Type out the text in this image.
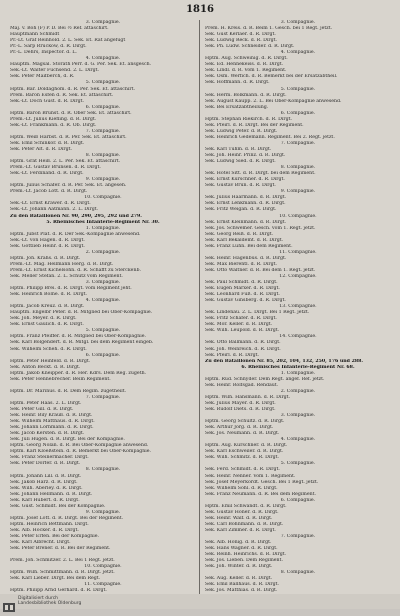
1816
3. Compagnie.
Maj. v. Böh (F) P. D. Bei ½ Ref. attaschirt.
Hauptmann Schmidt
Pr.-Lt. Graf Reinhold. 2. L. Sek. Et. Rat angefügt
Pr.-L. Sarp Rrückow, d. R. Dirgt.
Pr.-L. Dehrs, Inspector. d. L.
4. Compagnie.
Hauptm. Magsal. Storath Perr. d. G. Per. Sek. Et. ansgesch.
Sek.-Lt. Walter Fuchsend. 2. L. Dirgt.
Sek. Peter Maifberch, d. R.
5. Compagnie.
Hptm. Bar. Doldaghom. d. R. Per. Sek. Et. attaschirt.
Prem. Baron Esfen d. R. Sek. Et. attaschirt.
Sek.-Lt. Doch Gust. d. R. Dirgt.
6. Compagnie.
Hptm. Baron Brunst. d. R. Ober Sek. Et. attaschirt.
Prem.-Lt. Julius Kiefling. d. R. Dirgt.
Sek.-Lt. Frankmann. d. R. Ob. Dirgt.
7. Compagnie.
Hptm. Weiß Harbst. d. R. Per. Sek. Et. attaschirt.
Sek. Emil Schinkor. d. R. Dirgt.
Sek. Peter Alt. d. R. Dirgt.
8. Compagnie.
Hptm. Grat Heiß. 2. L. Per. Sek. Et. attaschirt.
Prem.-Lt. Gustav Brunsen. d. R. Dirgt.
Sek.-Lt. Ferdinand. d. R. Dirgt.
9. Compagnie.
Hptm. Julius Schafer. d. R. Per. Sek. Et. angeseh.
Prem.-Lt. Jacob Lott. d. R. Dirgt.
10. Compagnie.
Sek.-Lt. Ernst Krawer. d. R. Dirgt.
Sek.-Lt. Johann Aatmann. 2. L. Dirgt.
Zu den Bataillonen Nr. 90, 290, 295, 292 und 279.
5. Rheinisches Infanterie-Regiment Nr. 30.
1. Compagnie.
Hptm. Jubst Plat. d. R. Der Sek.-Kompagnie anwesend.
Sek.-Lt. von Hagen. d. R. Dirgt.
Sek. Gottlieb Heinr. d. R. Dirgt.
2. Compagnie.
Hptm. Joh. Krahs. d. R. Dirgt.
Prem.-Lt. Mag. Hellmann Herg. d. R. Dirgt.
Prem.-Lt. Ernst Kichelsohn. d. R. Schafft zu Sterckenb.
Sek. Meller Stefan. 2. L. Schutz vom Regiment.
3. Compagnie.
Hptm. Philipp Brei. d. R. Dirgt. vom Regiment jeht.
Sek. Heinrich Bolne. d. R. Dirgt.
4. Compagnie.
Hptm. Jacob Kreuz. d. R. Dirgt.
Hauptm. Engelbr Peter. d. R. Mitglied bei Ober-Kompagnie.
Sek. Joh. Meyer. d. R. Dirgt.
Sek. Ernst Gaulich. d. R. Dirgt.
5. Compagnie.
Hptm. Franz Pfeiffer. d. R. Mitglied bei Ober-Kompagnie.
Sek. Karl Bolgendert. d. R. Mitgl. bei dem Regiment eingeb.
Sek. Wilhelm Scheh. d. R. Dirgt.
6. Compagnie.
Hptm. Peter Heinfeld. d. R. Dirgt.
Sek. Anton Beckt. d. R. Dirgt.
Hptm. Jakob Kneipper. d. R. Her. Kdrs. Dem Reg. zugeth.
Sek. Peter Hennebrecher. Beim Regiment.
Hptm. Dr. Marinus. d. R. Dem Regim. zugetheilt.
7. Compagnie.
Hptm. Peter Haas. 2. L. Dirgt.
Sek. Peter Gill. d. R. Dirgt.
Sek. Heinr. Bily Krauß. d. R. Dirgt.
Sek. Wilhelm Matthäus. d. R. Dirgt.
Sek. Johann Lorhmann. d. R. Dirgt.
Sek. Jacob Kersten. d. R. Dirgt.
Sek. Juli Hügen. d. R. Dirgt. Bei der Kompagnie.
Hptm. Georg Nolan. d. R. Bei Ober-Kompagnie anwesend.
Hptm. Karl Kloeßstein. d. R. Bemerkt bei Ober-Kompagnie.
Sek. Franz Steinermacher. Dirgt.
Sek. Peter Dörfer. d. R. Dirgt.
8. Compagnie.
Hptm. Johann Lill. d. R. Dirgt.
Sek. Jakob Harz. d. R. Dirgt.
Sek. Wilh. Aberley. d. R. Dirgt.
Sek. Johann Hellmann. d. R. Dirgt.
Sek. Karl Hubert. d. R. Dirgt.
Sek. Gust. Schmidt. Bei der Kompagnie.
9. Compagnie.
Hptm. Josef Lott. d. R. Dirgt. Bei der Regiment.
Hptm. Heinrich Bettmann. Dirgt.
Sek. Alb. Höcker. d. R. Dirgt.
Sek. Peter Erfen. Bei der Kompagnie.
Sek. Karl Albrecht. Dirgt.
Sek. Peter Brener. d. R. Bei der Regiment.
Prem. Joh. Schmitzer. 2. L. Bei 1 Regt. jetzt.
10. Compagnie.
Hptm. Wilh. Schmittmann. d. R. Dirgt. jetzt.
Sek. Karl Lieber. Dirgt. Bei dem Regt.
11. Compagnie.
Hptm. Philipp Arnd Gerhard. d. R. Dirgt.
3. Compagnie.
Prem. H. Kreis. d. R. Beim 1. Gesch. bei 1 Regt. jetzt.
Sek. Gust Kerlaer. d. R. Dirgt.
Sek. Ludwig Reck. d. R. Dirgt.
Sek. Ph. Ludw. Schneider. d. R. Dirgt.
4. Compagnie.
Hptm. Aug. Schweinig. d. R. Dirgt.
Sek. Ed. Hennekeiss. d. R. Dirgt.
Sek. Lindl. d. R. Vom 1. Regiment.
Sek. Osm. Werfich. d. R. Bemerkt bei der Ersatzabtheil.
Sek. Hoffmann. d. R. Dirgt.
5. Compagnie.
Sek. Herm. Bolkmann. d. R. Dirgt.
Sek. August Kaupp. 2. L. Bei Ober-Kompagnie anwesend.
Sek. Bei Ersatzabtheilung.
6. Compagnie.
Hptm. Stephan Riekirch. d. R. Dirgt.
Sek. Pfeirl. d. R. Dirgt. Bei der Regiment.
Sek. Ludwig Peter. d. R. Dirgt.
Sek. Heinrich Gedemann. Regiment. Bei 2. Regt. jetzt.
7. Compagnie.
Sek. Karl Tuhm. d. R. Dirgt.
Sek. Joh. Heinr. Prinz. d. R. Dirgt.
Sek. Ludwig Sied. d. R. Dirgt.
8. Compagnie.
Sek. Hotel Sitt. d. R. Dirgt. bei dem Regiment.
Sek. Ernst Kürschner. d. R. Dirgt.
Sek. Gustav Brün. d. R. Dirgt.
9. Compagnie.
Sek. Julius Haarmann. d. R. Dirgt.
Sek. Ernst Lenkmann. d. R. Dirgt.
Sek. Fritz Weigan. d. R. Dirgt.
10. Compagnie.
Sek. Ernst Kleinmann. d. R. Dirgt.
Sek. Jos. Schwemer. Gesch. vom 1. Regt. jetzt.
Sek. Georg Reiß. d. R. Dirgt.
Sek. Karl Bekaldemt. d. R. Dirgt.
Sek. Franz Luhn. Bei dem Regiment.
11. Compagnie.
Sek. Heinr. Hagenbus. d. R. Dirgt.
Sek. Max Bierentl. d. R. Dirgt.
Sek. Otto Waltner. d. R. Bei dem 1. Regt. jetzt.
12. Compagnie.
Sek. Paul Schmidt. d. R. Dirgt.
Sek. Eugen Marxer. d. R. Dirgt.
Sek. Leonhard Fuß. d. R. Dirgt.
Sek. Gustav Ginsberg. d. R. Dirgt.
13. Compagnie.
Sek. Lindenau. 2. L. Dirgt. Bei 1 Regt. jetzt.
Sek. Fritz Schäfer. d. R. Dirgt.
Sek. Mor. Keller. d. R. Dirgt.
Sek. Wilh. Leupold. d. R. Dirgt.
14. Compagnie.
Sek. Otto Ballmann. d. R. Dirgt.
Sek. Joh. Weinreich. d. R. Dirgt.
Sek. Pfeirl. d. R. Dirgt.
Zu den Bataillonen Nr. 85, 202, 104, 132, 250, 176 und 288.
6. Rheinisches Infanterie-Regiment Nr. 68.
1. Compagnie.
Hptm. Rud. Schnyder. Dem Regt. angef. Ref. jetzt.
Sek. Heinr. Rolfsgad. Rendaut.
2. Compagnie.
Hptm. Wilh. Hansmann. d. R. Dirgt.
Sek. Julius Mayer. d. R. Dirgt.
Sek. Rudolf Diets. d. R. Dirgt.
3. Compagnie.
Hptm. Georg Schultz. d. R. Dirgt.
Sek. Arthur Jörg. d. R. Dirgt.
Sek. Jos. Neumann. d. R. Dirgt.
4. Compagnie.
Hptm. Aug. Kürschner. d. R. Dirgt.
Sek. Karl Eschweiler. d. R. Dirgt.
Sek. Wilh. Schmitz. d. R. Dirgt.
5. Compagnie.
Sek. Ferd. Schmidt. d. R. Dirgt.
Sek. Heinr. Nenner. Vom 1. Regiment.
Sek. Josef Meyerkordt. Gesch. Bei 1 Regt. jetzt.
Sek. Wilhelm Sohl. d. R. Dirgt.
Sek. Franz Neumann. d. R. Bei dem Regiment.
6. Compagnie.
Hptm. Emil Schwandt. d. R. Dirgt.
Sek. Gustav Höner. d. R. Dirgt.
Sek. Heinr. Walf. d. R. Dirgt.
Sek. Carl Bohnmann. d. R. Dirgt.
Sek. Karl Zimmer. d. R. Dirgt.
7. Compagnie.
Sek. Alb. Hönig. d. R. Dirgt.
Sek. Hans Wagner. d. R. Dirgt.
Sek. Reinh. Heinrichs. d. R. Dirgt.
Sek. Jos. Lieben. Dem Regiment.
Sek. Joh. Winter. d. R. Dirgt.
8. Compagnie.
Sek. Aug. Keller. d. R. Dirgt.
Sek. Emil Ballhaus. d. R. Dirgt.
Sek. Jos. Matthias. d. R. Dirgt.
Digitalisiert durch
Landesbibliothek Oldenburg
